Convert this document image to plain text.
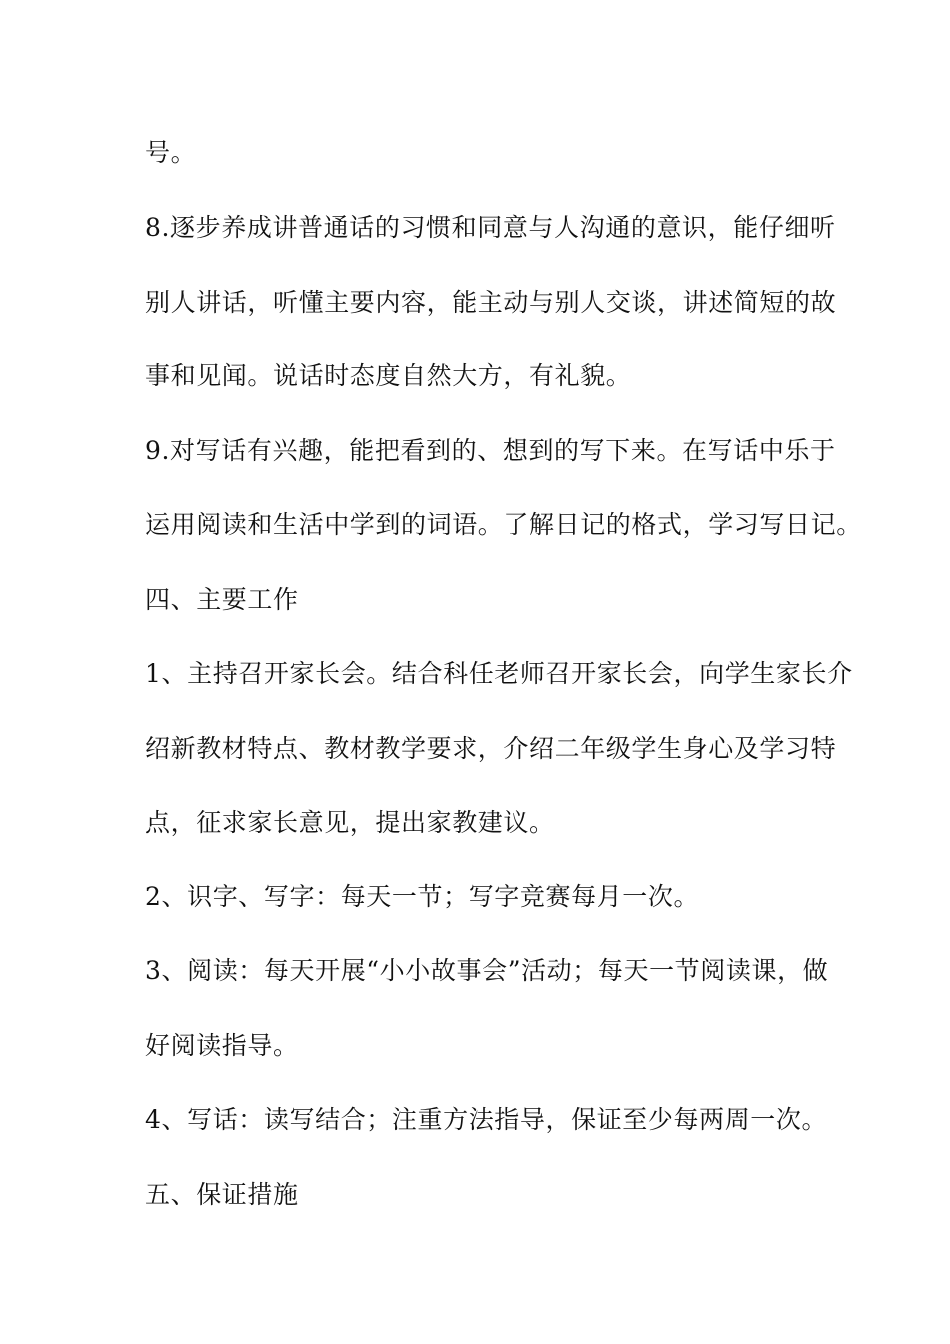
号。
8.逐步养成讲普通话的习惯和同意与人沟通的意识，能仔细听
别人讲话，听懂主要内容，能主动与别人交谈，讲述简短的故
事和见闻。说话时态度自然大方，有礼貌。
9.对写话有兴趣，能把看到的、想到的写下来。在写话中乐于
运用阅读和生活中学到的词语。了解日记的格式，学习写日记。
四、主要工作
1、主持召开家长会。结合科任老师召开家长会，向学生家长介
绍新教材特点、教材教学要求，介绍二年级学生身心及学习特
点，征求家长意见，提出家教建议。
2、识字、写字：每天一节；写字竞赛每月一次。
3、阅读：每天开展“小小故事会”活动；每天一节阅读课，做
好阅读指导。
4、写话：读写结合；注重方法指导，保证至少每两周一次。
五、保证措施
